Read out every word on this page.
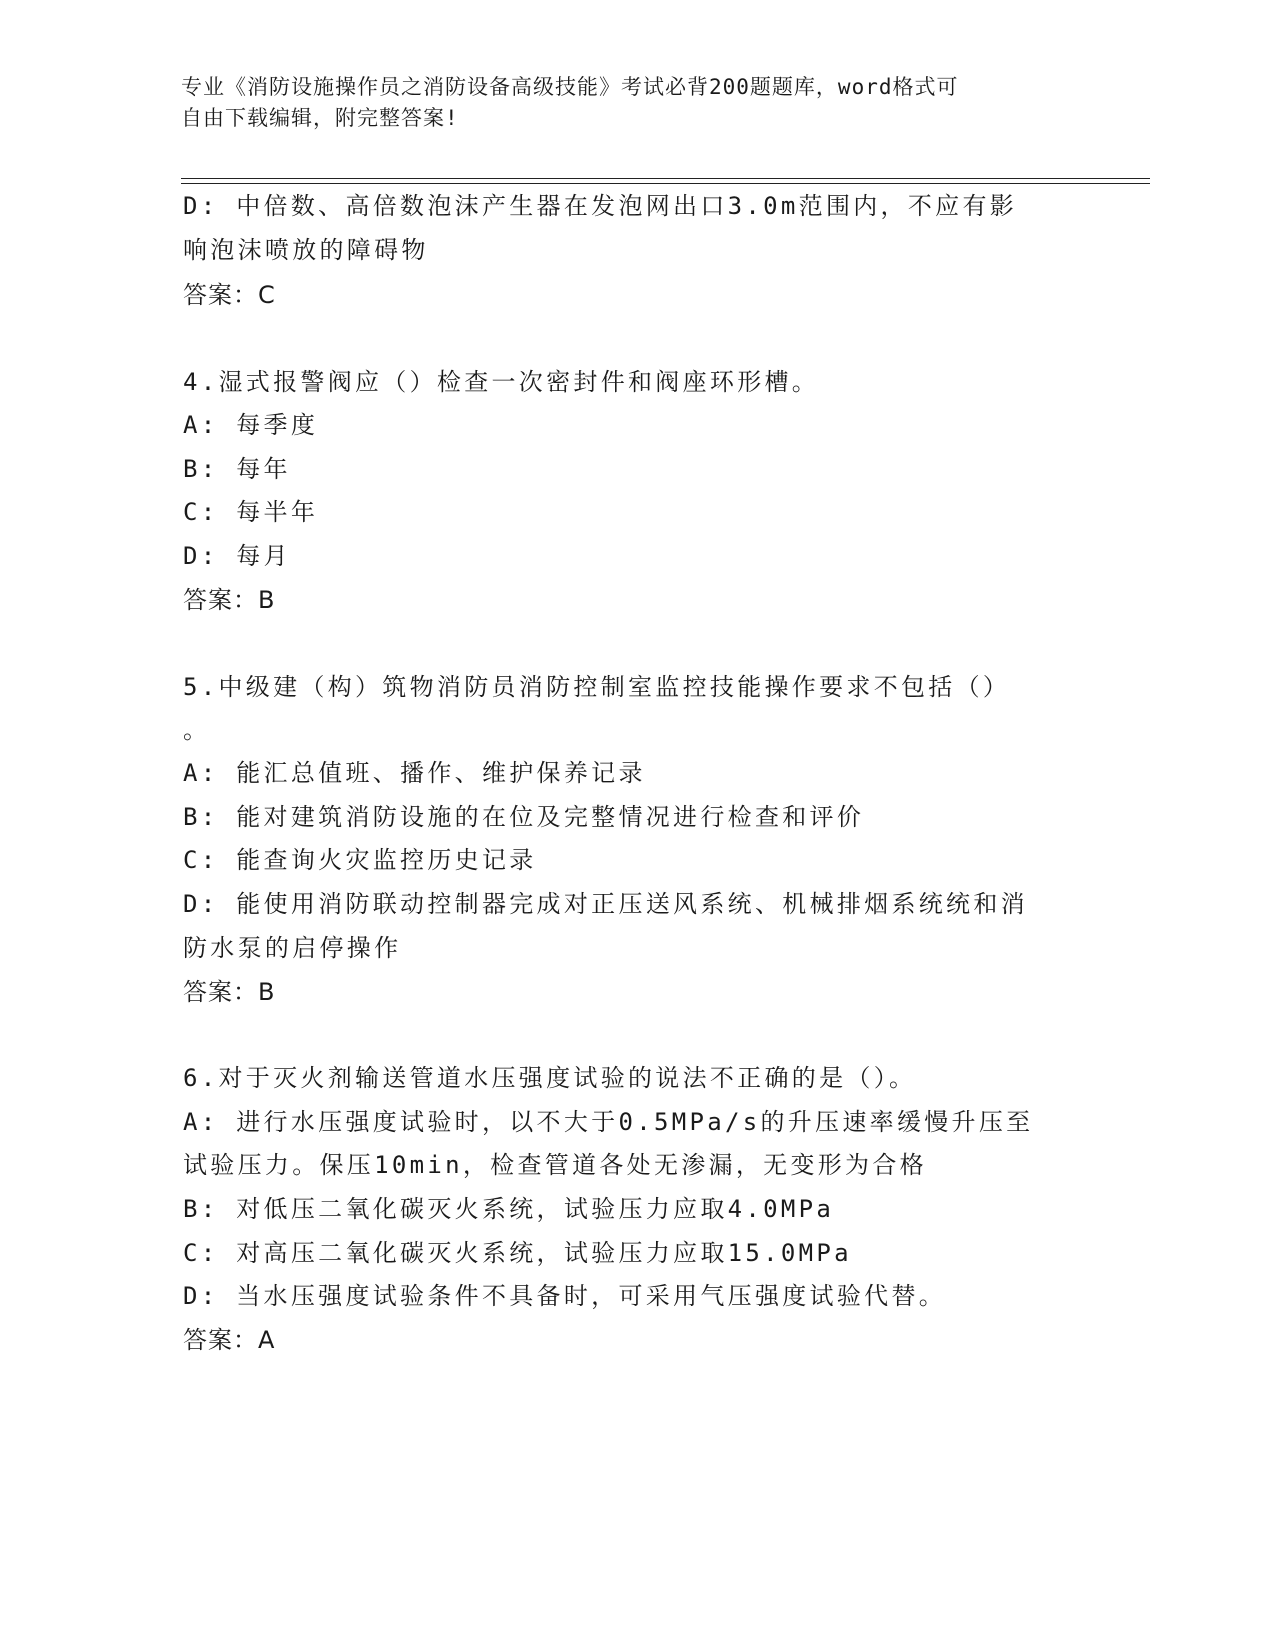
专业《消防设施操作员之消防设备高级技能》考试必背200题题库，word格式可
自由下载编辑，附完整答案!
D: 中倍数、高倍数泡沫产生器在发泡网出口3.0m范围内，不应有影
响泡沫喷放的障碍物
答案：C
4.湿式报警阀应（）检查一次密封件和阀座环形槽。
A: 每季度
B: 每年
C: 每半年
D: 每月
答案：B
5.中级建（构）筑物消防员消防控制室监控技能操作要求不包括（）
。
A: 能汇总值班、播作、维护保养记录
B: 能对建筑消防设施的在位及完整情况进行检查和评价
C: 能查询火灾监控历史记录
D: 能使用消防联动控制器完成对正压送风系统、机械排烟系统统和消
防水泵的启停操作
答案：B
6.对于灭火剂输送管道水压强度试验的说法不正确的是（）。
A: 进行水压强度试验时，以不大于0.5MPa/s的升压速率缓慢升压至
试验压力。保压10min，检查管道各处无渗漏，无变形为合格
B: 对低压二氧化碳灭火系统，试验压力应取4.0MPa
C: 对高压二氧化碳灭火系统，试验压力应取15.0MPa
D: 当水压强度试验条件不具备时，可采用气压强度试验代替。
答案：A
